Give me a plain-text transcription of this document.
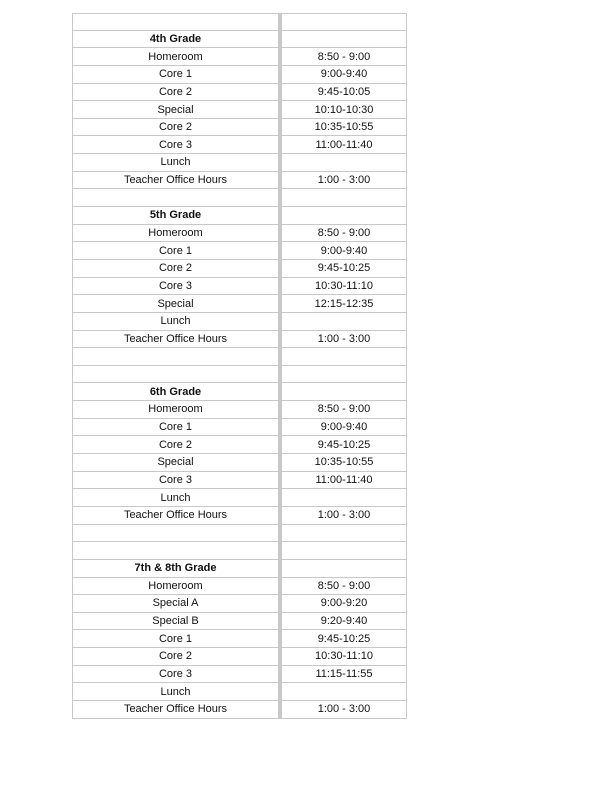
4th Grade
Homeroom	8:50 - 9:00
Core 1	9:00-9:40
Core 2	9:45-10:05
Special	10:10-10:30
Core 2	10:35-10:55
Core 3	11:00-11:40
Lunch
Teacher Office Hours	1:00 - 3:00
5th Grade
Homeroom	8:50 - 9:00
Core 1	9:00-9:40
Core 2	9:45-10:25
Core 3	10:30-11:10
Special	12:15-12:35
Lunch
Teacher Office Hours	1:00 - 3:00
6th Grade
Homeroom	8:50 - 9:00
Core 1	9:00-9:40
Core 2	9:45-10:25
Special	10:35-10:55
Core 3	11:00-11:40
Lunch
Teacher Office Hours	1:00 - 3:00
7th & 8th Grade
Homeroom	8:50 - 9:00
Special A	9:00-9:20
Special B	9:20-9:40
Core 1	9:45-10:25
Core 2	10:30-11:10
Core 3	11:15-11:55
Lunch
Teacher Office Hours	1:00 - 3:00
